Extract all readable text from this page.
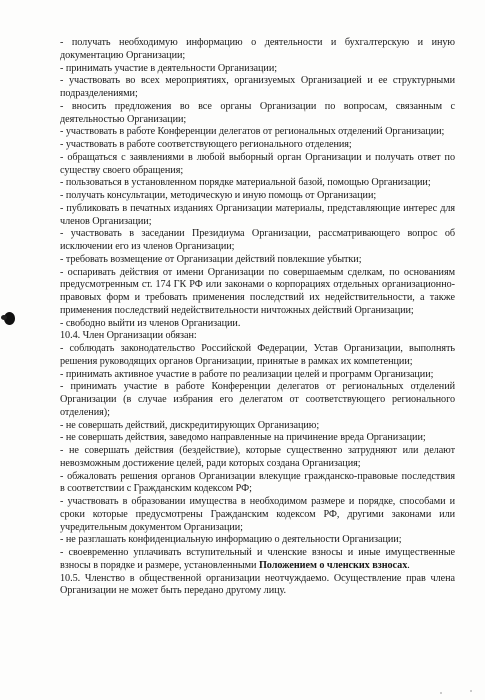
- получать необходимую информацию о деятельности и бухгалтерскую и иную
документацию Организации;
- принимать участие в деятельности Организации;
- участвовать во всех мероприятиях, организуемых Организацией и ее структурными
подразделениями;
- вносить предложения во все органы Организации по вопросам, связанным с
деятельностью Организации;
- участвовать в работе Конференции делегатов от региональных отделений Организации;
- участвовать в работе соответствующего регионального отделения;
- обращаться с заявлениями в любой выборный орган Организации и получать ответ по
существу своего обращения;
- пользоваться в установленном порядке материальной базой, помощью Организации;
- получать консультации, методическую и иную помощь от Организации;
- публиковать в печатных изданиях Организации материалы, представляющие интерес для
членов Организации;
- участвовать в заседании Президиума Организации, рассматривающего вопрос об
исключении его из членов Организации;
- требовать возмещение от Организации действий повлекшие убытки;
- оспаривать действия от имени Организации по совершаемым сделкам, по основаниям
предусмотренным ст. 174 ГК РФ или законами о корпорациях отдельных организационно-
правовых форм и требовать применения последствий их недействительности, а также
применения последствий недействительности ничтожных действий Организации;
- свободно выйти из членов Организации.
10.4. Член Организации обязан:
- соблюдать законодательство Российской Федерации, Устав Организации, выполнять
решения руководящих органов Организации, принятые в рамках их компетенции;
- принимать активное участие в работе по реализации целей и программ Организации;
- принимать участие в работе Конференции делегатов от региональных отделений
Организации (в случае избрания его делегатом от соответствующего регионального
отделения);
- не совершать действий, дискредитирующих Организацию;
- не совершать действия, заведомо направленные на причинение вреда Организации;
- не совершать действия (бездействие), которые существенно затрудняют или делают
невозможным достижение целей, ради которых создана Организация;
- обжаловать решения органов Организации влекущие гражданско-правовые последствия
в соответствии с Гражданским кодексом РФ;
- участвовать в образовании имущества в необходимом размере и порядке, способами и
сроки которые предусмотрены Гражданским кодексом РФ, другими законами или
учредительным документом Организации;
- не разглашать конфиденциальную информацию о деятельности Организации;
- своевременно уплачивать вступительный и членские взносы и иные имущественные
взносы в порядке и размере, установленными Положением о членских взносах.
10.5. Членство в общественной организации неотчуждаемо. Осуществление прав члена
Организации не может быть передано другому лицу.
